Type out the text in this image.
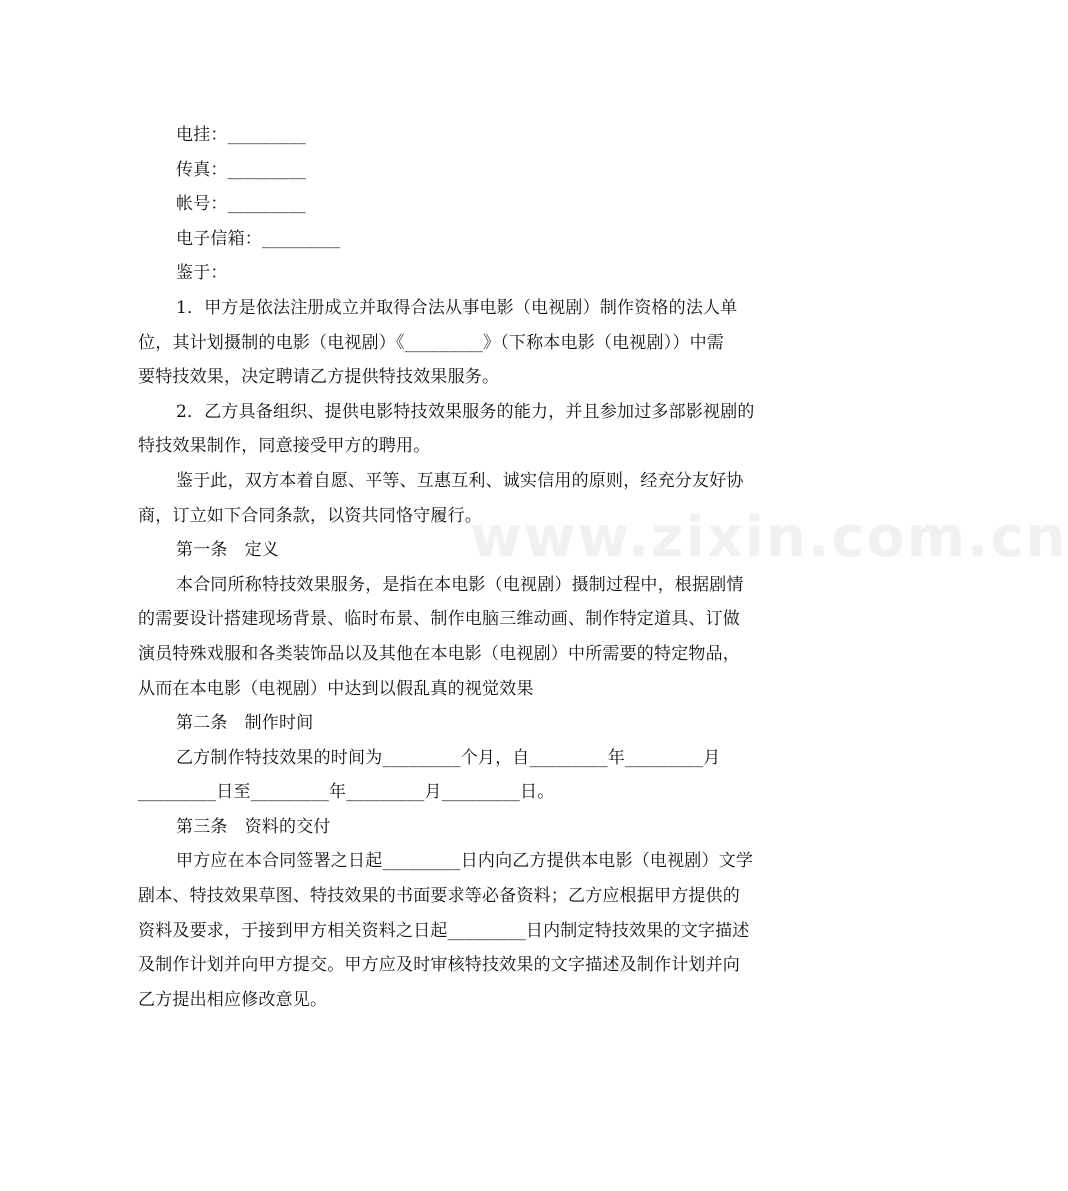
www.zixin.com.cn
电挂：_________
传真：_________
帐号：_________
电子信箱：_________
鉴于：
1．甲方是依法注册成立并取得合法从事电影（电视剧）制作资格的法人单
位，其计划摄制的电影（电视剧）《_________》（下称本电影（电视剧））中需
要特技效果，决定聘请乙方提供特技效果服务。
2．乙方具备组织、提供电影特技效果服务的能力，并且参加过多部影视剧的
特技效果制作，同意接受甲方的聘用。
鉴于此，双方本着自愿、平等、互惠互利、诚实信用的原则，经充分友好协
商，订立如下合同条款，以资共同恪守履行。
第一条 定义
本合同所称特技效果服务，是指在本电影（电视剧）摄制过程中，根据剧情
的需要设计搭建现场背景、临时布景、制作电脑三维动画、制作特定道具、订做
演员特殊戏服和各类装饰品以及其他在本电影（电视剧）中所需要的特定物品，
从而在本电影（电视剧）中达到以假乱真的视觉效果
第二条 制作时间
乙方制作特技效果的时间为_________个月，自_________年_________月
_________日至_________年_________月_________日。
第三条 资料的交付
甲方应在本合同签署之日起_________日内向乙方提供本电影（电视剧）文学
剧本、特技效果草图、特技效果的书面要求等必备资料；乙方应根据甲方提供的
资料及要求，于接到甲方相关资料之日起_________日内制定特技效果的文字描述
及制作计划并向甲方提交。甲方应及时审核特技效果的文字描述及制作计划并向
乙方提出相应修改意见。
